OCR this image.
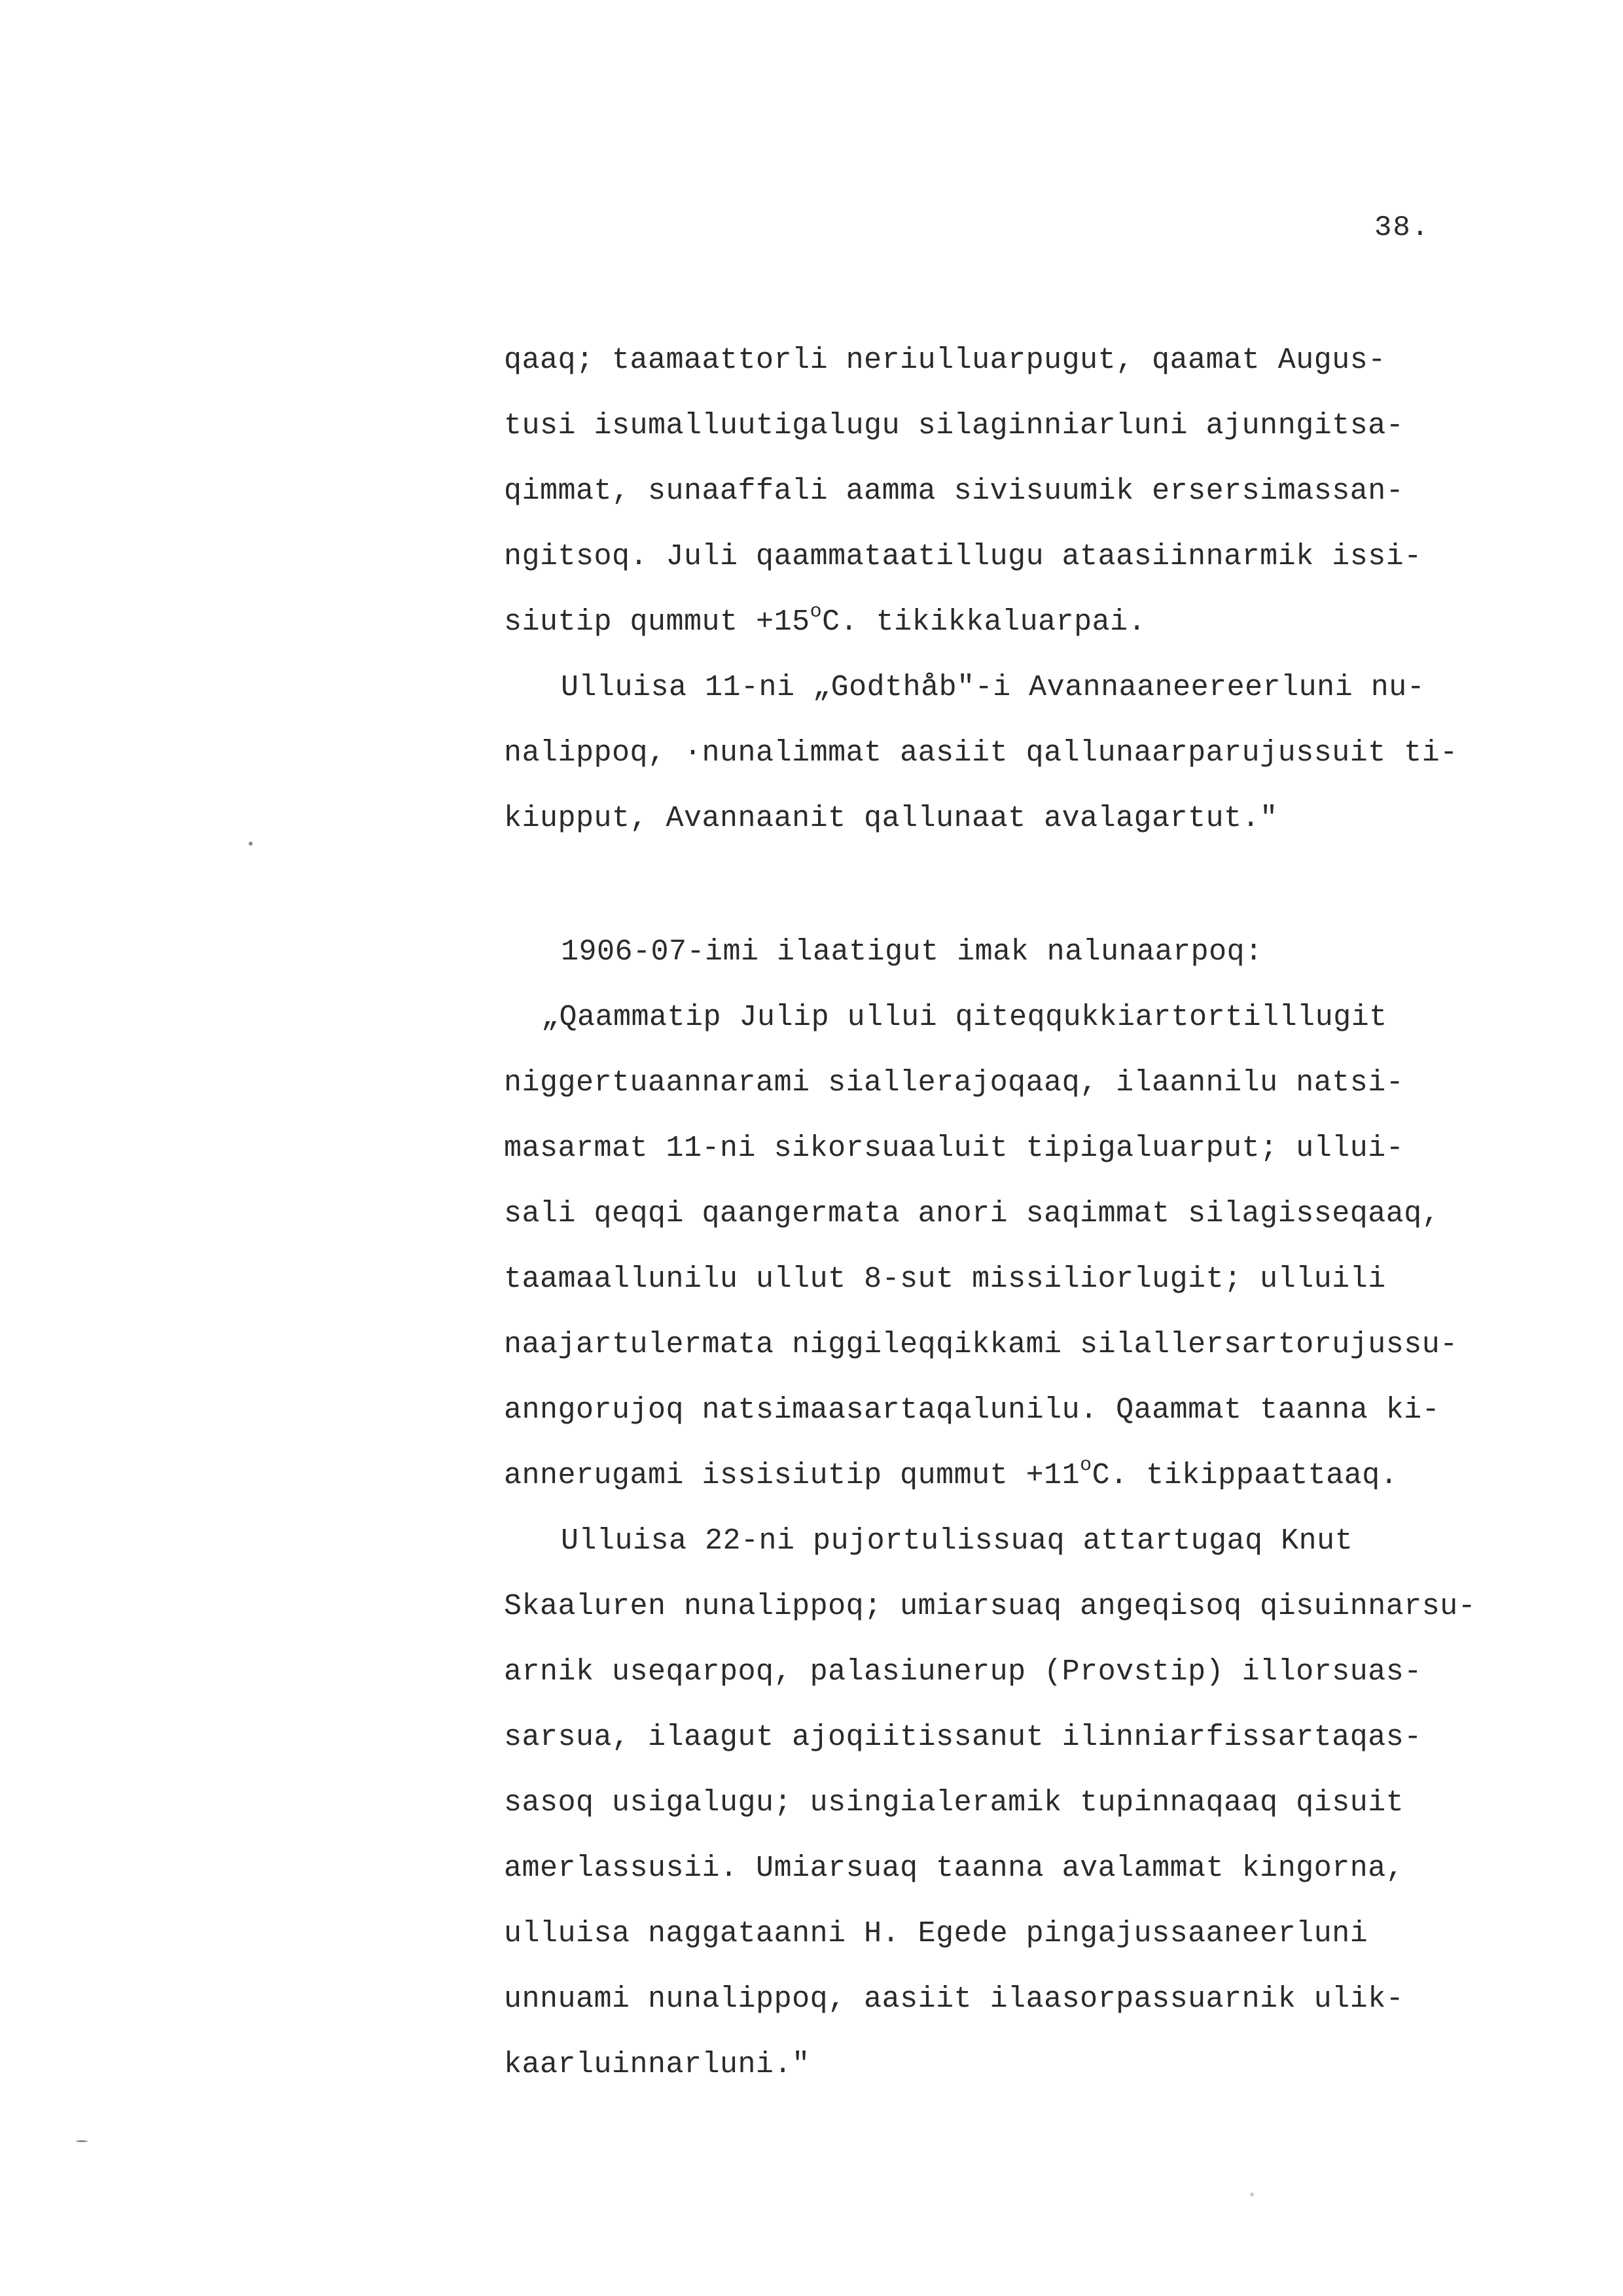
38.
qaaq; taamaattorli neriulluarpugut, qaamat Augus-
tusi isumalluutigalugu silaginniarluni ajunngitsa-
qimmat, sunaaffali aamma sivisuumik ersersimassan-
ngitsoq. Juli qaammataatillugu ataasiinnarmik issi-
siutip qummut $+15^oC$. tikikkaluarpai.
Ulluisa 11-ni „Godthåb"-i Avannaaneereerluni nu-
nalippoq, ·nunalimmat aasiit qallunaarparujussuit ti-
kiupput, Avannaanit qallunaat avalagartut."
1906-07-imi ilaatigut imak nalunaarpoq:
„Qaammatip Julip ullui qiteqqukkiartortilllugit
niggertuaannarami siallerajoqaaq, ilaannilu natsi-
masarmat 11-ni sikorsuaaluit tipigaluarput; ullui-
sali qeqqi qaangermata anori saqimmat silagisseqaaq,
taamaallunilu ullut 8-sut missiliorlugit; ulluili
naajartulermata niggileqqikkami silallersartorujussu-
anngorujoq natsimaasartaqalunilu. Qaammat taanna ki-
annerugami issisiutip qummut $+11^oC$. tikippaattaaq.
Ulluisa 22-ni pujortulissuaq attartugaq Knut
Skaaluren nunalippoq; umiarsuaq angeqisoq qisuinnarsu-
arnik useqarpoq, palasiunerup (Provstip) illorsuas-
sarsua, ilaagut ajoqiitissanut ilinniarfissartaqas-
sasoq usigalugu; usingialeramik tupinnaqaaq qisuit
amerlassusii. Umiarsuaq taanna avalammat kingorna,
ulluisa naggataanni H. Egede pingajussaaneerluni
unnuami nunalippoq, aasiit ilaasorpassuarnik ulik-
kaarluinnarluni."
